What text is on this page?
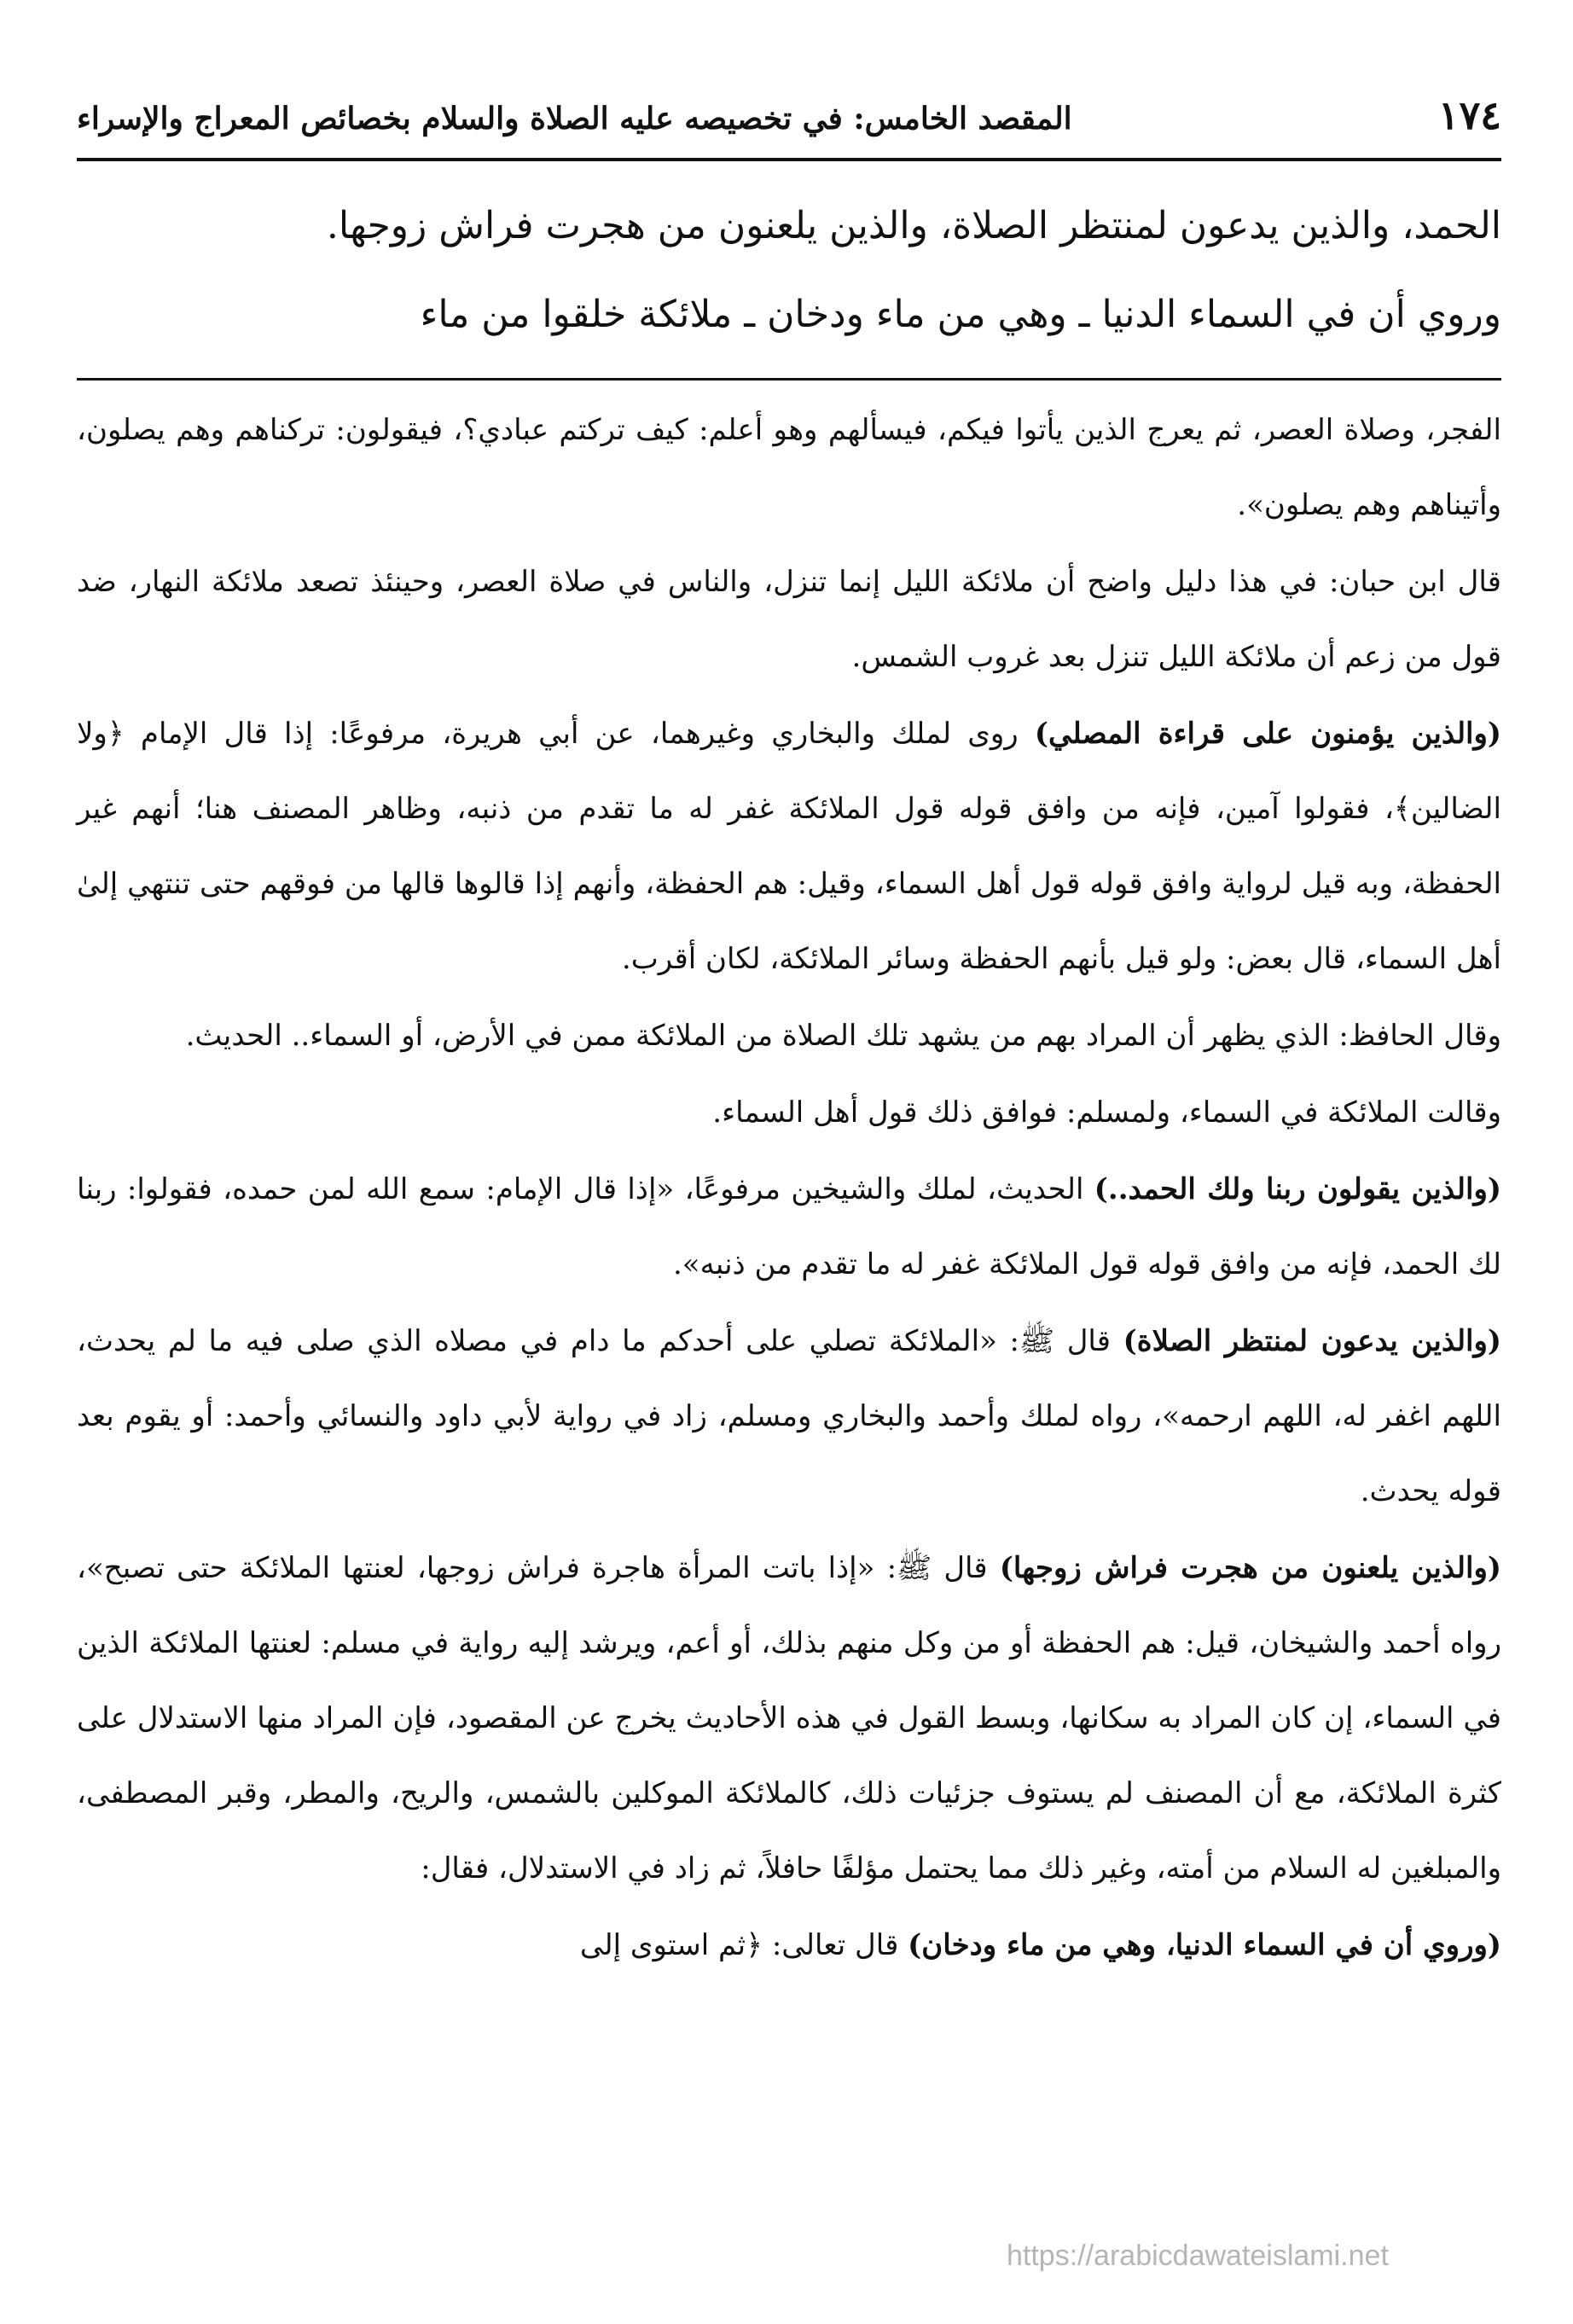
١٧٤
المقصد الخامس: في تخصيصه عليه الصلاة والسلام بخصائص المعراج والإسراء

الحمد، والذين يدعون لمنتظر الصلاة، والذين يلعنون من هجرت فراش زوجها.

وروي أن في السماء الدنيا ـ وهي من ماء ودخان ـ ملائكة خلقوا من ماء

الفجر، وصلاة العصر، ثم يعرج الذين يأتوا فيكم، فيسألهم وهو أعلم: كيف تركتم عبادي؟، فيقولون: تركناهم وهم يصلون، وأتيناهم وهم يصلون».

قال ابن حبان: في هذا دليل واضح أن ملائكة الليل إنما تنزل، والناس في صلاة العصر، وحينئذ تصعد ملائكة النهار، ضد قول من زعم أن ملائكة الليل تنزل بعد غروب الشمس.

(والذين يؤمنون على قراءة المصلي) روى لملك والبخاري وغيرهما، عن أبي هريرة، مرفوعًا: إذا قال الإمام ﴿ولا الضالين﴾، فقولوا آمين، فإنه من وافق قوله قول الملائكة غفر له ما تقدم من ذنبه، وظاهر المصنف هنا؛ أنهم غير الحفظة، وبه قيل لرواية وافق قوله قول أهل السماء، وقيل: هم الحفظة، وأنهم إذا قالوها قالها من فوقهم حتى تنتهي إلىٰ أهل السماء، قال بعض: ولو قيل بأنهم الحفظة وسائر الملائكة، لكان أقرب.

وقال الحافظ: الذي يظهر أن المراد بهم من يشهد تلك الصلاة من الملائكة ممن في الأرض، أو السماء.. الحديث.

وقالت الملائكة في السماء، ولمسلم: فوافق ذلك قول أهل السماء.

(والذين يقولون ربنا ولك الحمد..) الحديث، لملك والشيخين مرفوعًا، «إذا قال الإمام: سمع الله لمن حمده، فقولوا: ربنا لك الحمد، فإنه من وافق قوله قول الملائكة غفر له ما تقدم من ذنبه».

(والذين يدعون لمنتظر الصلاة) قال ﷺ: «الملائكة تصلي على أحدكم ما دام في مصلاه الذي صلى فيه ما لم يحدث، اللهم اغفر له، اللهم ارحمه»، رواه لملك وأحمد والبخاري ومسلم، زاد في رواية لأبي داود والنسائي وأحمد: أو يقوم بعد قوله يحدث.

(والذين يلعنون من هجرت فراش زوجها) قال ﷺ: «إذا باتت المرأة هاجرة فراش زوجها، لعنتها الملائكة حتى تصبح»، رواه أحمد والشيخان، قيل: هم الحفظة أو من وكل منهم بذلك، أو أعم، ويرشد إليه رواية في مسلم: لعنتها الملائكة الذين في السماء، إن كان المراد به سكانها، وبسط القول في هذه الأحاديث يخرج عن المقصود، فإن المراد منها الاستدلال على كثرة الملائكة، مع أن المصنف لم يستوف جزئيات ذلك، كالملائكة الموكلين بالشمس، والريح، والمطر، وقبر المصطفى، والمبلغين له السلام من أمته، وغير ذلك مما يحتمل مؤلفًا حافلاً، ثم زاد في الاستدلال، فقال:

(وروي أن في السماء الدنيا، وهي من ماء ودخان) قال تعالى: ﴿ثم استوى إلى

https://arabicdawateislami.net
